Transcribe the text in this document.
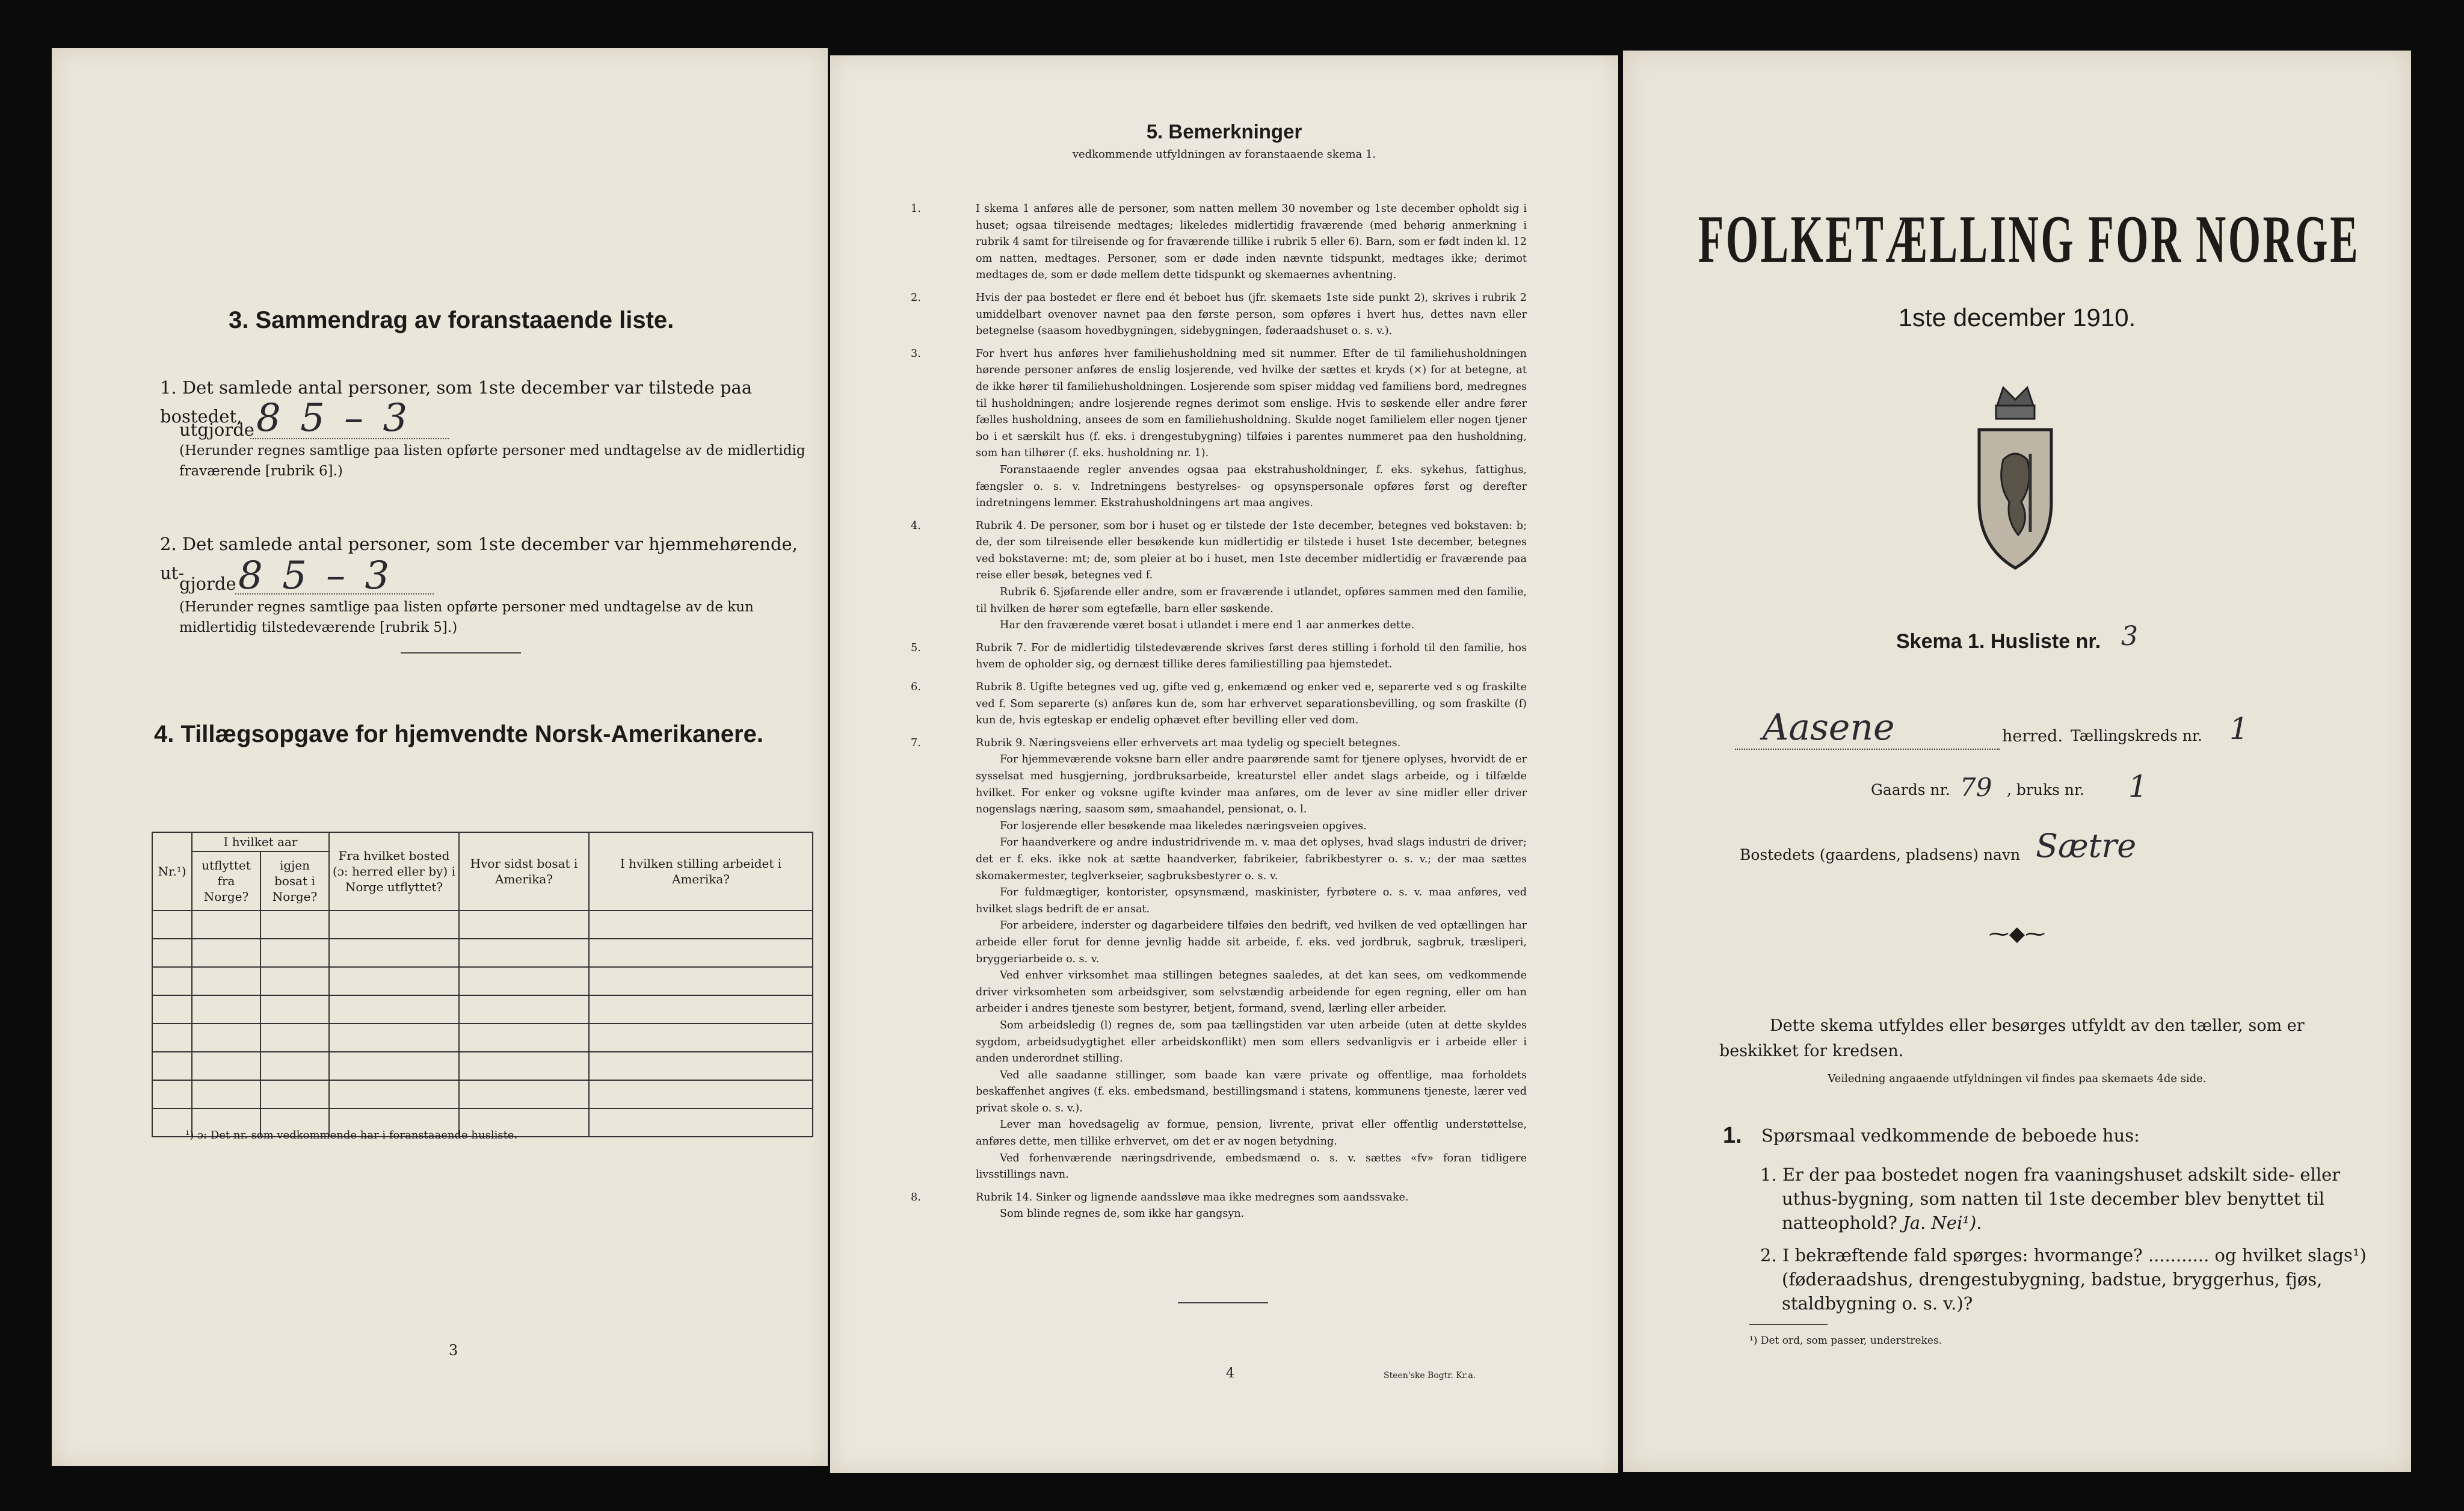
3. Sammendrag av foranstaaende liste.
1. Det samlede antal personer, som 1ste december var tilstede paa bostedet,
utgjorde 8 5 – 3
(Herunder regnes samtlige paa listen opførte personer med undtagelse av de midlertidig fraværende [rubrik 6].)
2. Det samlede antal personer, som 1ste december var hjemmehørende, ut-
gjorde 8 5 – 3
(Herunder regnes samtlige paa listen opførte personer med undtagelse av de kun midlertidig tilstedeværende [rubrik 5].)
4. Tillægsopgave for hjemvendte Norsk-Amerikanere.
Nr.¹)	I hvilket aar		Fra hvilket bosted (ɔ: herred eller by) i Norge utflyttet?	Hvor sidst bosat i Amerika?	I hvilken stilling arbeidet i Amerika?
	utflyttet fra Norge?	igjen bosat i Norge?			

¹) ɔ: Det nr. som vedkommende har i foranstaaende husliste.
3
5. Bemerkninger
vedkommende utfyldningen av foranstaaende skema 1.

1.	I skema 1 anføres alle de personer, som natten mellem 30 november og 1ste december opholdt sig i huset; ogsaa tilreisende medtages; likeledes midlertidig fraværende (med behørig anmerkning i rubrik 4 samt for tilreisende og for fraværende tillike i rubrik 5 eller 6). Barn, som er født inden kl. 12 om natten, medtages. Personer, som er døde inden nævnte tidspunkt, medtages ikke; derimot medtages de, som er døde mellem dette tidspunkt og skemaernes avhentning.

2.	Hvis der paa bostedet er flere end ét beboet hus (jfr. skemaets 1ste side punkt 2), skrives i rubrik 2 umiddelbart ovenover navnet paa den første person, som opføres i hvert hus, dettes navn eller betegnelse (saasom hovedbygningen, sidebygningen, føderaadshuset o. s. v.).

3.	For hvert hus anføres hver familiehusholdning med sit nummer. Efter de til familiehusholdningen hørende personer anføres de enslig losjerende, ved hvilke der sættes et kryds (×) for at betegne, at de ikke hører til familiehusholdningen. Losjerende som spiser middag ved familiens bord, medregnes til husholdningen; andre losjerende regnes derimot som enslige. Hvis to søskende eller andre fører fælles husholdning, ansees de som en familiehusholdning. Skulde noget familielem eller nogen tjener bo i et særskilt hus (f. eks. i drengestubygning) tilføies i parentes nummeret paa den husholdning, som han tilhører (f. eks. husholdning nr. 1).

Foranstaaende regler anvendes ogsaa paa ekstrahusholdninger, f. eks. sykehus, fattighus, fængsler o. s. v. Indretningens bestyrelses- og opsynspersonale opføres først og derefter indretningens lemmer. Ekstrahusholdningens art maa angives.

4.	Rubrik 4. De personer, som bor i huset og er tilstede der 1ste december, betegnes ved bokstaven: b; de, der som tilreisende eller besøkende kun midlertidig er tilstede i huset 1ste december, betegnes ved bokstaverne: mt; de, som pleier at bo i huset, men 1ste december midlertidig er fraværende paa reise eller besøk, betegnes ved f.

Rubrik 6. Sjøfarende eller andre, som er fraværende i utlandet, opføres sammen med den familie, til hvilken de hører som egtefælle, barn eller søskende.

Har den fraværende været bosat i utlandet i mere end 1 aar anmerkes dette.

5.	Rubrik 7. For de midlertidig tilstedeværende skrives først deres stilling i forhold til den familie, hos hvem de opholder sig, og dernæst tillike deres familiestilling paa hjemstedet.

6.	Rubrik 8. Ugifte betegnes ved ug, gifte ved g, enkemænd og enker ved e, separerte ved s og fraskilte ved f. Som separerte (s) anføres kun de, som har erhvervet separationsbevilling, og som fraskilte (f) kun de, hvis egteskap er endelig ophævet efter bevilling eller ved dom.

7.	Rubrik 9. Næringsveiens eller erhvervets art maa tydelig og specielt betegnes.

For hjemmeværende voksne barn eller andre paarørende samt for tjenere oplyses, hvorvidt de er sysselsat med husgjerning, jordbruksarbeide, kreaturstel eller andet slags arbeide, og i tilfælde hvilket. For enker og voksne ugifte kvinder maa anføres, om de lever av sine midler eller driver nogenslags næring, saasom søm, smaahandel, pensionat, o. l.

For losjerende eller besøkende maa likeledes næringsveien opgives.

For haandverkere og andre industridrivende m. v. maa det oplyses, hvad slags industri de driver; det er f. eks. ikke nok at sætte haandverker, fabrikeier, fabrikbestyrer o. s. v.; der maa sættes skomakermester, teglverkseier, sagbruksbestyrer o. s. v.

For fuldmægtiger, kontorister, opsynsmænd, maskinister, fyrbøtere o. s. v. maa anføres, ved hvilket slags bedrift de er ansat.

For arbeidere, inderster og dagarbeidere tilføies den bedrift, ved hvilken de ved optællingen har arbeide eller forut for denne jevnlig hadde sit arbeide, f. eks. ved jordbruk, sagbruk, træsliperi, bryggeriarbeide o. s. v.

Ved enhver virksomhet maa stillingen betegnes saaledes, at det kan sees, om vedkommende driver virksomheten som arbeidsgiver, som selvstændig arbeidende for egen regning, eller om han arbeider i andres tjeneste som bestyrer, betjent, formand, svend, lærling eller arbeider.

Som arbeidsledig (l) regnes de, som paa tællingstiden var uten arbeide (uten at dette skyldes sygdom, arbeidsudygtighet eller arbeidskonflikt) men som ellers sedvanligvis er i arbeide eller i anden underordnet stilling.

Ved alle saadanne stillinger, som baade kan være private og offentlige, maa forholdets beskaffenhet angives (f. eks. embedsmand, bestillingsmand i statens, kommunens tjeneste, lærer ved privat skole o. s. v.).

Lever man hovedsagelig av formue, pension, livrente, privat eller offentlig understøttelse, anføres dette, men tillike erhvervet, om det er av nogen betydning.

Ved forhenværende næringsdrivende, embedsmænd o. s. v. sættes «fv» foran tidligere livsstillings navn.

8.	Rubrik 14. Sinker og lignende aandssløve maa ikke medregnes som aandssvake.

Som blinde regnes de, som ikke har gangsyn.

4	Steen'ske Bogtr. Kr.a.
FOLKETÆLLING FOR NORGE
1ste december 1910.
Skema 1. Husliste nr. 3
Aasene	herred. Tællingskreds nr. 1
Gaards nr. 79 , bruks nr. 1
Bostedets (gaardens, pladsens) navn Sætre
⁓◆⁓
Dette skema utfyldes eller besørges utfyldt av den tæller, som er beskikket for kredsen.
Veiledning angaaende utfyldningen vil findes paa skemaets 4de side.
1. Spørsmaal vedkommende de beboede hus:
1. Er der paa bostedet nogen fra vaaningshuset adskilt side- eller uthus-bygning, som natten til 1ste december blev benyttet til natteophold? Ja. Nei¹).
2. I bekræftende fald spørges: hvormange? ........... og hvilket slags¹) (føderaadshus, drengestubygning, badstue, bryggerhus, fjøs, staldbygning o. s. v.)?
¹) Det ord, som passer, understrekes.
